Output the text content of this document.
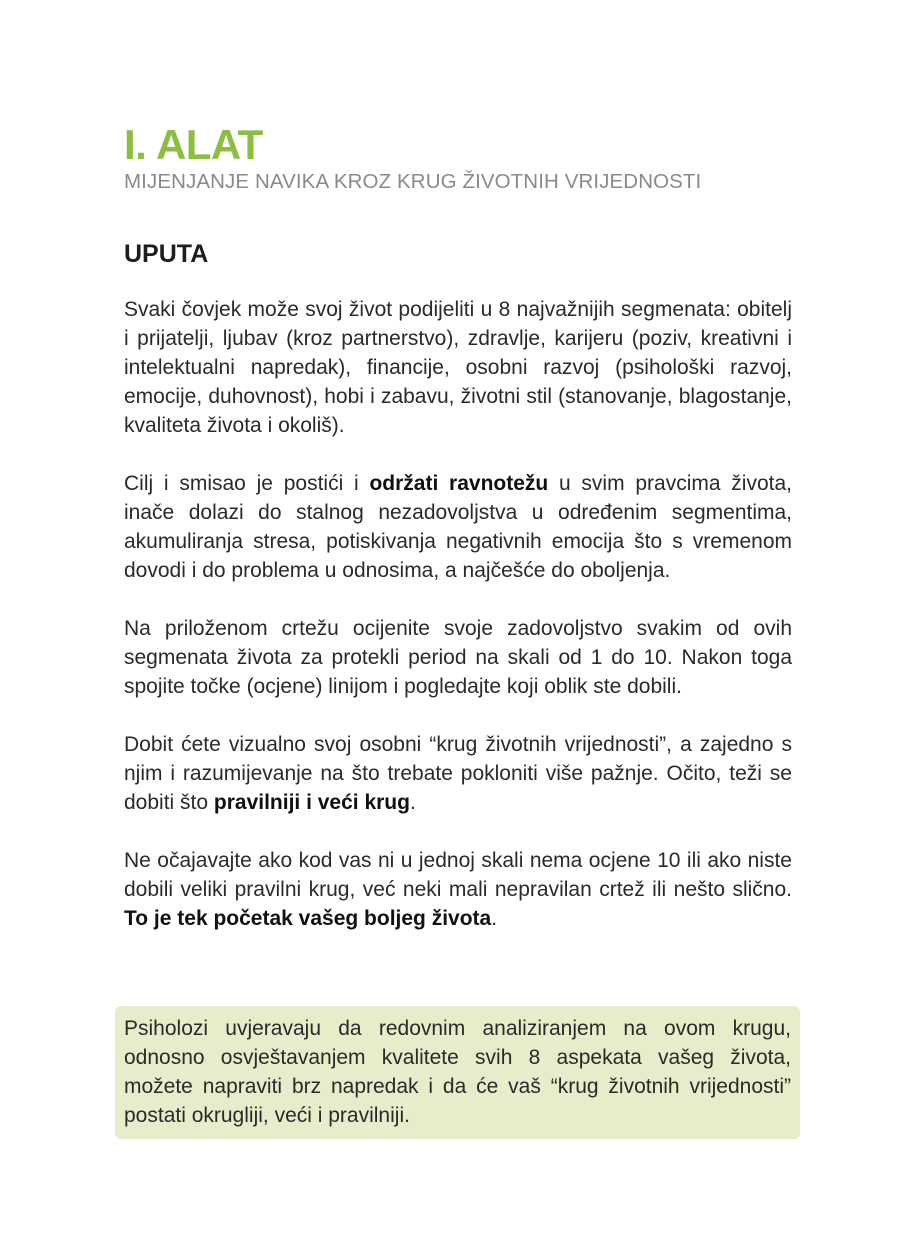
I. ALAT
MIJENJANJE NAVIKA KROZ KRUG ŽIVOTNIH VRIJEDNOSTI
UPUTA

Svaki čovjek može svoj život podijeliti u 8 najvažnijih segmenata: obitelj i prijatelji, ljubav (kroz partnerstvo), zdravlje, karijeru (poziv, kreativni i intelektualni napredak), financije, osobni razvoj (psihološki razvoj, emocije, duhovnost), hobi i zabavu, životni stil (stanovanje, blagostanje, kvaliteta života i okoliš).

Cilj i smisao je postići i održati ravnotežu u svim pravcima života, inače dolazi do stalnog nezadovoljstva u određenim segmentima, akumuliranja stresa, potiskivanja negativnih emocija što s vremenom dovodi i do problema u odnosima, a najčešće do oboljenja.

Na priloženom crtežu ocijenite svoje zadovoljstvo svakim od ovih segmenata života za protekli period na skali od 1 do 10. Nakon toga spojite točke (ocjene) linijom i pogledajte koji oblik ste dobili.

Dobit ćete vizualno svoj osobni “krug životnih vrijednosti”, a zajedno s njim i razumijevanje na što trebate pokloniti više pažnje. Očito, teži se dobiti što pravilniji i veći krug.

Ne očajavajte ako kod vas ni u jednoj skali nema ocjene 10 ili ako niste dobili veliki pravilni krug, već neki mali nepravilan crtež ili nešto slično. To je tek početak vašeg boljeg života.

Psiholozi uvjeravaju da redovnim analiziranjem na ovom krugu, odnosno osvještavanjem kvalitete svih 8 aspekata vašeg života, možete napraviti brz napredak i da će vaš “krug životnih vrijednosti” postati okrugliji, veći i pravilniji.
